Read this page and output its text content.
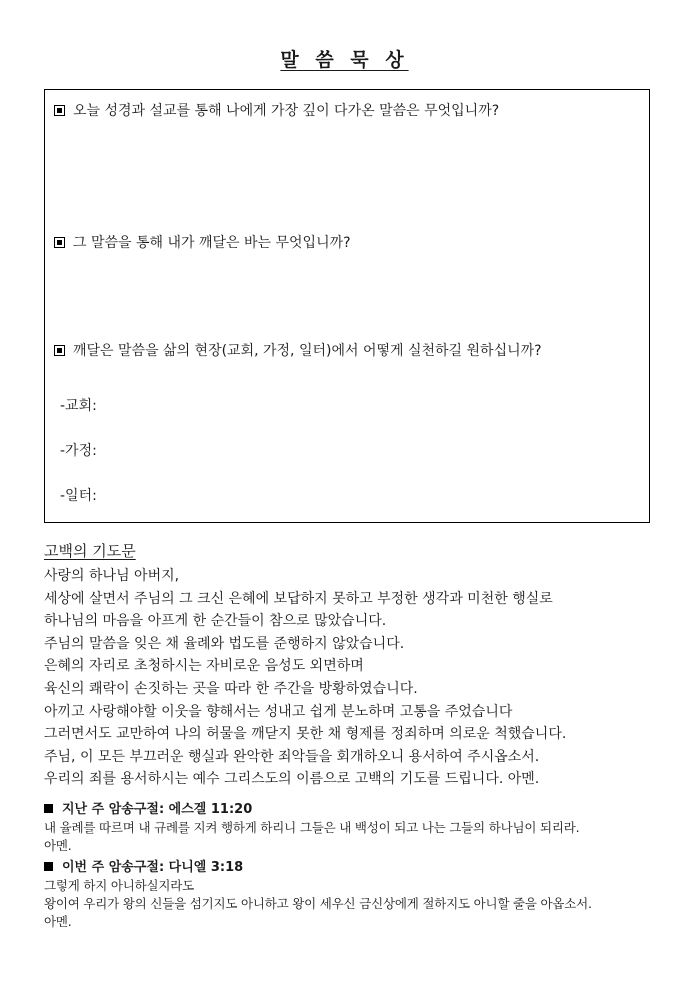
말 씀 묵 상
오늘 성경과 설교를 통해 나에게 가장 깊이 다가온 말씀은 무엇입니까?
그 말씀을 통해 내가 깨달은 바는 무엇입니까?
깨달은 말씀을 삶의 현장(교회, 가정, 일터)에서 어떻게 실천하길 원하십니까?
-교회:
-가정:
-일터:
고백의 기도문
사랑의 하나님 아버지,
세상에 살면서 주님의 그 크신 은혜에 보답하지 못하고 부정한 생각과 미천한 행실로
하나님의 마음을 아프게 한 순간들이 참으로 많았습니다.
주님의 말씀을 잊은 채 율례와 법도를 준행하지 않았습니다.
은혜의 자리로 초청하시는 자비로운 음성도 외면하며
육신의 쾌락이 손짓하는 곳을 따라 한 주간을 방황하였습니다.
아끼고 사랑해야할 이웃을 향해서는 성내고 쉽게 분노하며 고통을 주었습니다
그러면서도 교만하여 나의 허물을 깨닫지 못한 채 형제를 정죄하며 의로운 척했습니다.
주님, 이 모든 부끄러운 행실과 완악한 죄악들을 회개하오니 용서하여 주시옵소서.
우리의 죄를 용서하시는 예수 그리스도의 이름으로 고백의 기도를 드립니다. 아멘.
지난 주 암송구절: 에스겔 11:20
내 율례를 따르며 내 규례를 지켜 행하게 하리니 그들은 내 백성이 되고 나는 그들의 하나님이 되리라.
아멘.
이번 주 암송구절: 다니엘 3:18
그렇게 하지 아니하실지라도
왕이여 우리가 왕의 신들을 섬기지도 아니하고 왕이 세우신 금신상에게 절하지도 아니할 줄을 아옵소서.
아멘.
